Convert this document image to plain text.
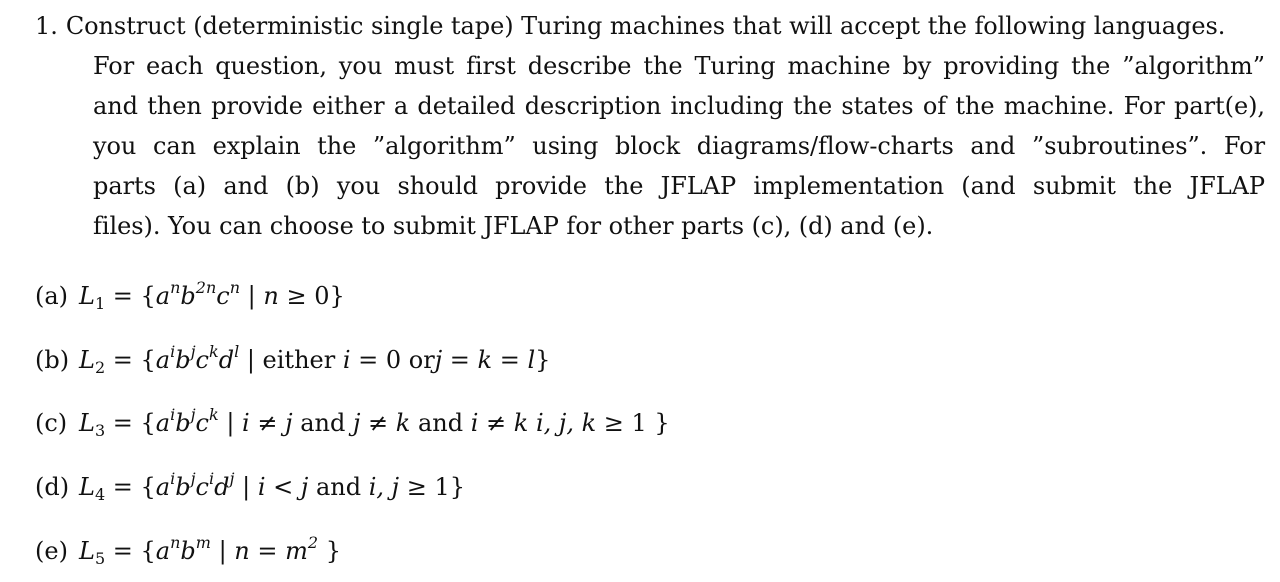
1. Construct (deterministic single tape) Turing machines that will accept the following languages.
For each question, you must first describe the Turing machine by providing the ”algorithm”
and then provide either a detailed description including the states of the machine. For part(e),
you can explain the ”algorithm” using block diagrams/flow-charts and ”subroutines”. For
parts (a) and (b) you should provide the JFLAP implementation (and submit the JFLAP
files). You can choose to submit JFLAP for other parts (c), (d) and (e).
(a) $L_1 = \{a^nb^{2n}c^n$ | n ≥ 0}
(b) $L_2 = \{a^ib^jc^kd^l$ | either i = 0 orj = k = l}
(c) $L_3 = \{a^ib^jc^k$ | i ≠ j and j ≠ k and i ≠ k i, j, k ≥ 1 }
(d) $L_4 = \{a^ib^jc^id^j$ | i < j and i, j ≥ 1}
(e) $L_5 = \{a^nb^m$ | $n = m^2$ }
